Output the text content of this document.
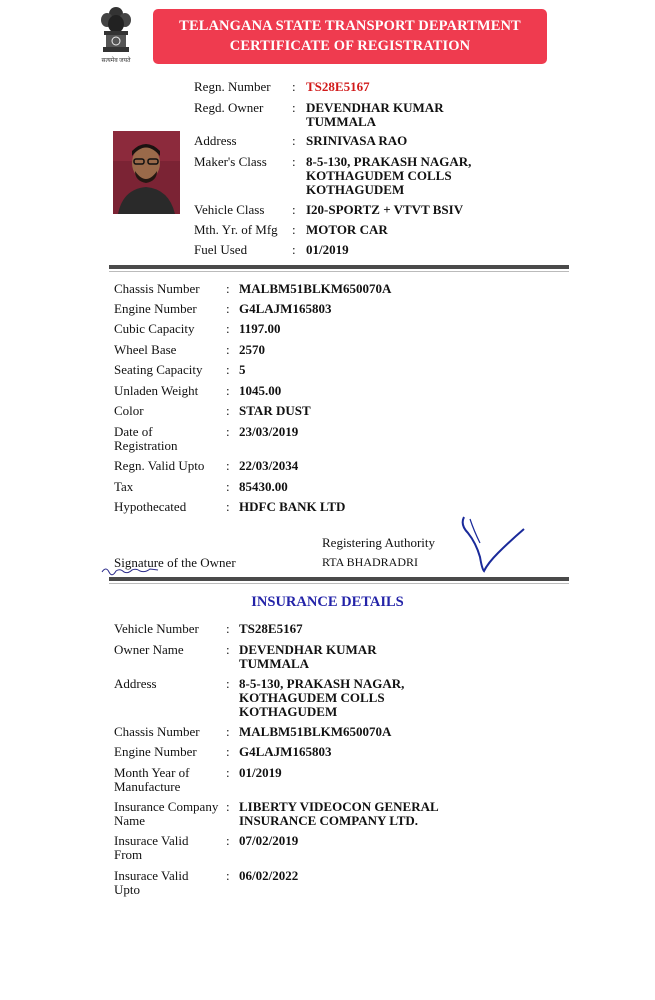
सत्यमेव जयते
TELANGANA STATE TRANSPORT DEPARTMENT
CERTIFICATE OF REGISTRATION
Regn. Number : TS28E5167
Regd. Owner : DEVENDHAR KUMAR TUMMALA
Address	: SRINIVASA RAO
Maker's Class : 8-5-130, PRAKASH NAGAR, KOTHAGUDEM COLLS KOTHAGUDEM
Vehicle Class : I20-SPORTZ + VTVT BSIV
Mth. Yr. of Mfg : MOTOR CAR
Fuel Used	: 01/2019
Chassis Number : MALBM51BLKM650070A
Engine Number : G4LAJM165803
Cubic Capacity : 1197.00
Wheel Base	: 2570
Seating Capacity : 5
Unladen Weight : 1045.00
Color	: STAR DUST
Date of Registration
: 23/03/2019
Regn. Valid Upto : 22/03/2034
Tax	: 85430.00
Hypothecated	: HDFC BANK LTD
Registering Authority
RTA BHADRADRI
Signature of the Owner
INSURANCE DETAILS
Vehicle Number : TS28E5167
Owner Name	: DEVENDHAR KUMAR TUMMALA
Address	: 8-5-130, PRAKASH NAGAR, KOTHAGUDEM COLLS KOTHAGUDEM
Chassis Number : MALBM51BLKM650070A
Engine Number : G4LAJM165803
Month Year of Manufacture
: 01/2019
Insurance Company Name
: LIBERTY VIDEOCON GENERAL INSURANCE COMPANY LTD.
Insurace Valid From
: 07/02/2019
Insurace Valid Upto
: 06/02/2022
